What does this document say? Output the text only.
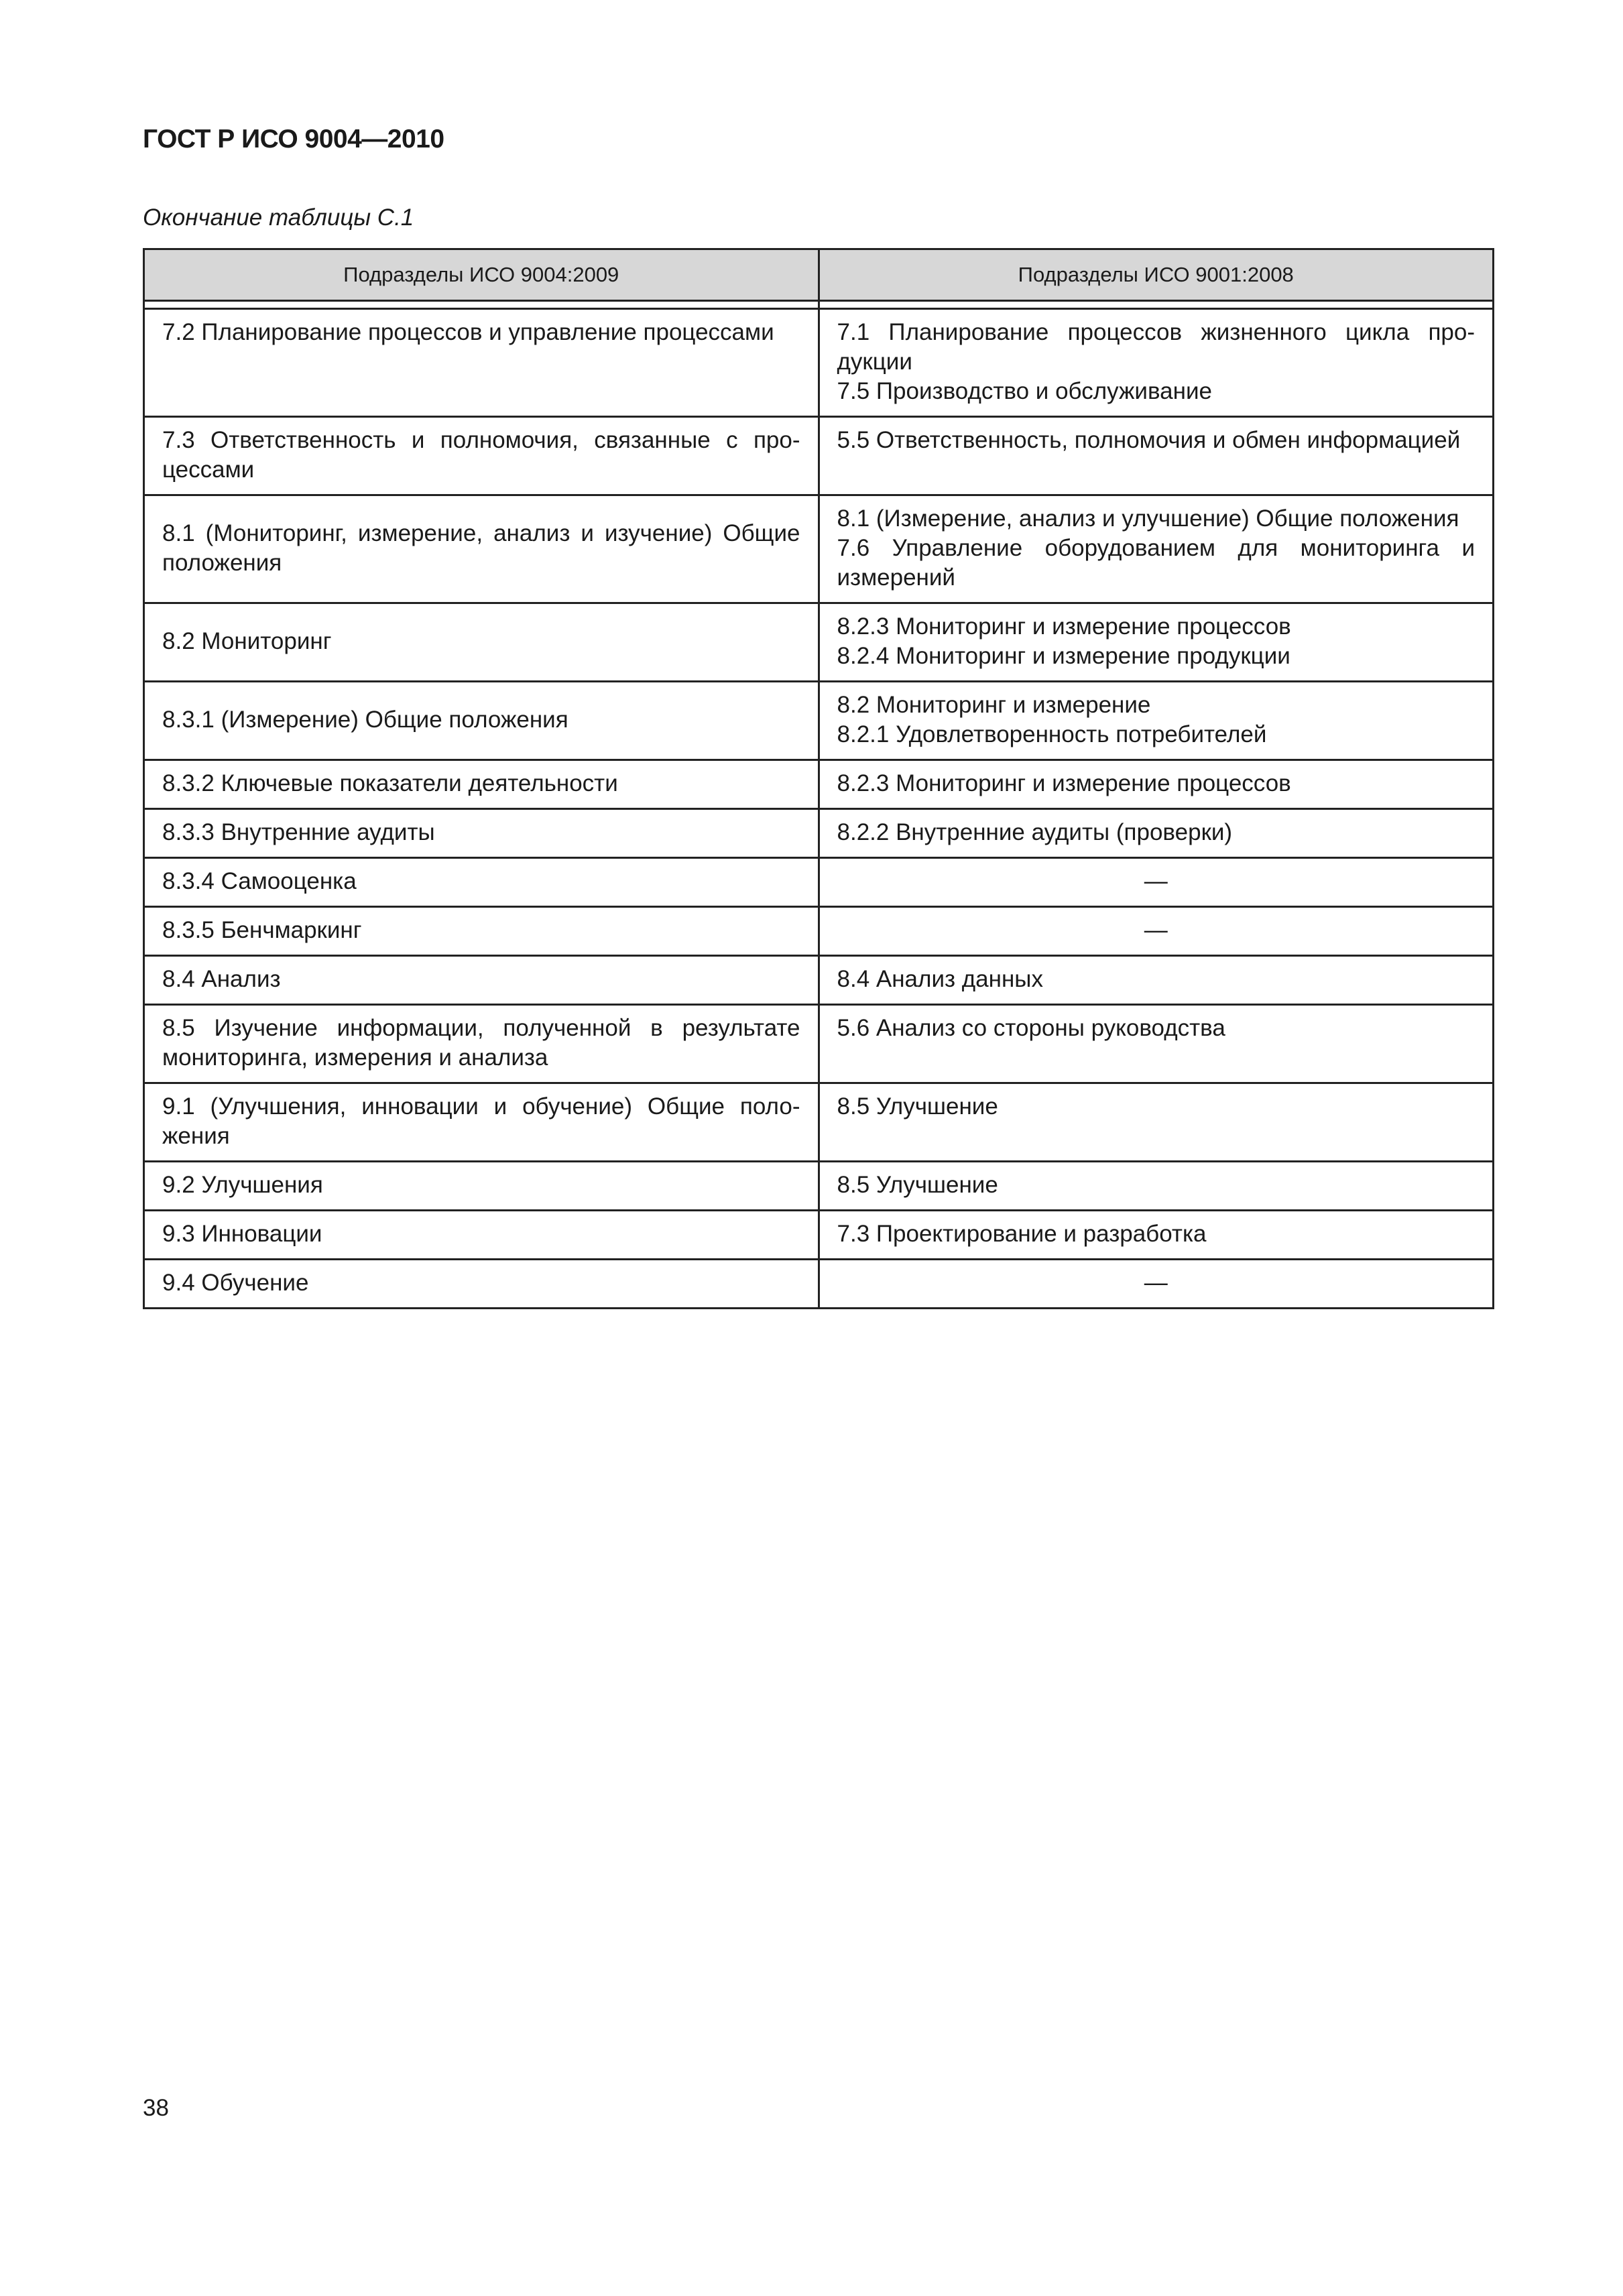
ГОСТ Р ИСО 9004—2010
Окончание таблицы С.1
Подразделы ИСО 9004:2009	Подразделы ИСО 9001:2008

7.2 Планирование процессов и управление процессами	7.1 Планирование процессов жизненного цикла продукции
7.5 Производство и обслуживание

7.3 Ответственность и полномочия, связанные с процессами	5.5 Ответственность, полномочия и обмен информацией

8.1 (Мониторинг, измерение, анализ и изучение) Общие положения	8.1 (Измерение, анализ и улучшение) Общие положения
7.6 Управление оборудованием для мониторинга и измерений

8.2 Мониторинг	8.2.3 Мониторинг и измерение процессов
8.2.4 Мониторинг и измерение продукции

8.3.1 (Измерение) Общие положения	8.2 Мониторинг и измерение
8.2.1 Удовлетворенность потребителей

8.3.2 Ключевые показатели деятельности	8.2.3 Мониторинг и измерение процессов

8.3.3 Внутренние аудиты	8.2.2 Внутренние аудиты (проверки)

8.3.4 Самооценка	—

8.3.5 Бенчмаркинг	—

8.4 Анализ	8.4 Анализ данных

8.5 Изучение информации, полученной в результате мониторинга, измерения и анализа	5.6 Анализ со стороны руководства

9.1 (Улучшения, инновации и обучение) Общие положения	8.5 Улучшение

9.2 Улучшения	8.5 Улучшение

9.3 Инновации	7.3 Проектирование и разработка

9.4 Обучение	—
38
